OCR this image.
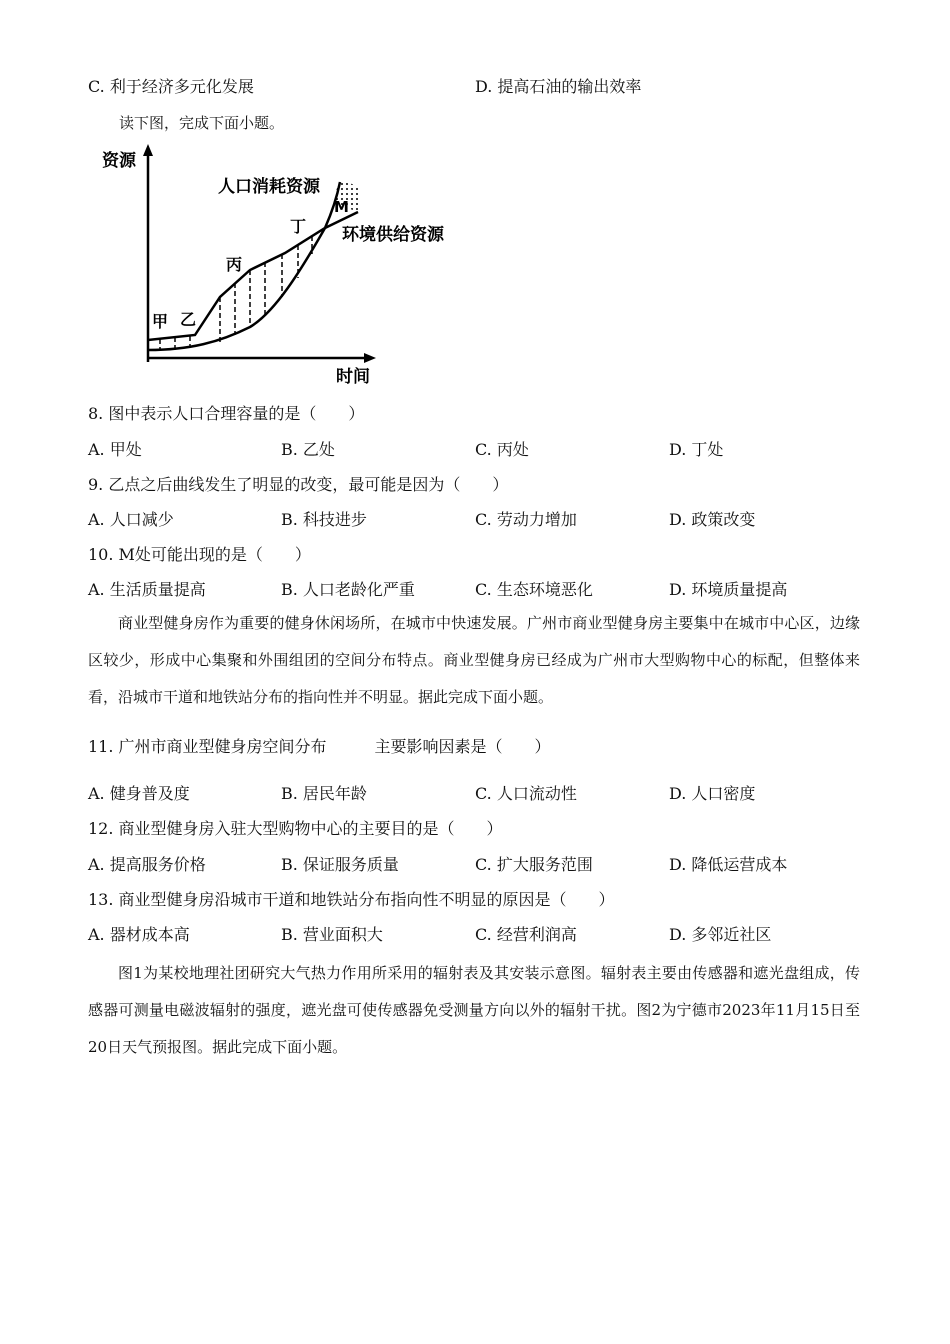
C. 利于经济多元化发展	D. 提高石油的输出效率
读下图，完成下面小题。
资源
时间
人口消耗资源
环境供给资源
甲 乙
丙
丁
M
8. 图中表示人口合理容量的是（　　）
A. 甲处	B. 乙处	C. 丙处	D. 丁处
9. 乙点之后曲线发生了明显的改变，最可能是因为（　　）
A. 人口减少	B. 科技进步	C. 劳动力增加	D. 政策改变
10. M处可能出现的是（　　）
A. 生活质量提高	B. 人口老龄化严重	C. 生态环境恶化	D. 环境质量提高
商业型健身房作为重要的健身休闲场所，在城市中快速发展。广州市商业型健身房主要集中在城市中心区，边缘区较少，形成中心集聚和外围组团的空间分布特点。商业型健身房已经成为广州市大型购物中心的标配，但整体来看，沿城市干道和地铁站分布的指向性并不明显。据此完成下面小题。
11. 广州市商业型健身房空间分布　　　主要影响因素是（　　）
A. 健身普及度	B. 居民年龄	C. 人口流动性	D. 人口密度
12. 商业型健身房入驻大型购物中心的主要目的是（　　）
A. 提高服务价格	B. 保证服务质量	C. 扩大服务范围	D. 降低运营成本
13. 商业型健身房沿城市干道和地铁站分布指向性不明显的原因是（　　）
A. 器材成本高	B. 营业面积大	C. 经营利润高	D. 多邻近社区
图1为某校地理社团研究大气热力作用所采用的辐射表及其安装示意图。辐射表主要由传感器和遮光盘组成，传感器可测量电磁波辐射的强度，遮光盘可使传感器免受测量方向以外的辐射干扰。图2为宁德市2023年11月15日至20日天气预报图。据此完成下面小题。
